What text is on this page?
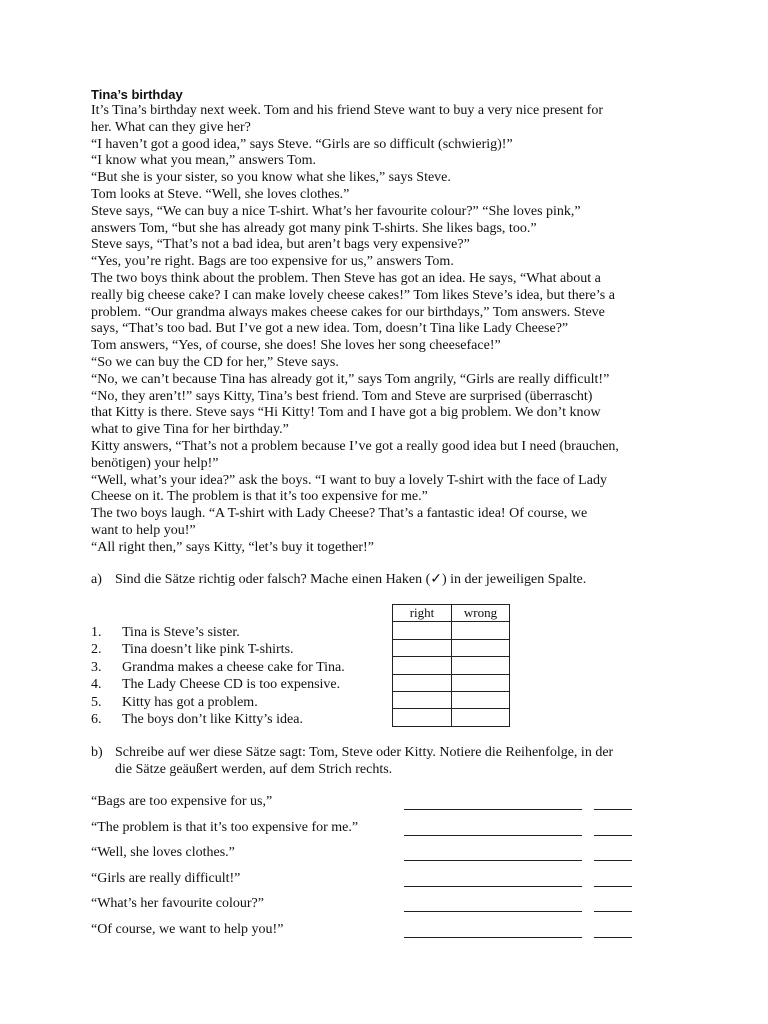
Tina’s birthday

It’s Tina’s birthday next week. Tom and his friend Steve want to buy a very nice present for

her. What can they give her?

“I haven’t got a good idea,” says Steve. “Girls are so difficult (schwierig)!”

“I know what you mean,” answers Tom.

“But she is your sister, so you know what she likes,” says Steve.

Tom looks at Steve. “Well, she loves clothes.”

Steve says, “We can buy a nice T-shirt. What’s her favourite colour?” “She loves pink,”

answers Tom, “but she has already got many pink T-shirts. She likes bags, too.”

Steve says, “That’s not a bad idea, but aren’t bags very expensive?”

“Yes, you’re right. Bags are too expensive for us,” answers Tom.

The two boys think about the problem. Then Steve has got an idea. He says, “What about a

really big cheese cake? I can make lovely cheese cakes!” Tom likes Steve’s idea, but there’s a

problem. “Our grandma always makes cheese cakes for our birthdays,” Tom answers. Steve

says, “That’s too bad. But I’ve got a new idea. Tom, doesn’t Tina like Lady Cheese?”

Tom answers, “Yes, of course, she does! She loves her song cheeseface!”

“So we can buy the CD for her,” Steve says.

“No, we can’t because Tina has already got it,” says Tom angrily, “Girls are really difficult!”

“No, they aren’t!” says Kitty, Tina’s best friend. Tom and Steve are surprised (überrascht)

that Kitty is there. Steve says “Hi Kitty! Tom and I have got a big problem. We don’t know

what to give Tina for her birthday.”

Kitty answers, “That’s not a problem because I’ve got a really good idea but I need (brauchen,

benötigen) your help!”

“Well, what’s your idea?” ask the boys. “I want to buy a lovely T-shirt with the face of Lady

Cheese on it. The problem is that it’s too expensive for me.”

The two boys laugh. “A T-shirt with Lady Cheese? That’s a fantastic idea! Of course, we

want to help you!”

“All right then,” says Kitty, “let’s buy it together!”

a) Sind die Sätze richtig oder falsch? Mache einen Haken (✓) in der jeweiligen Spalte.

1. Tina is Steve’s sister.
2. Tina doesn’t like pink T-shirts.
3. Grandma makes a cheese cake for Tina.
4. The Lady Cheese CD is too expensive.
5. Kitty has got a problem.
6. The boys don’t like Kitty’s idea.
right	wrong

b) Schreibe auf wer diese Sätze sagt: Tom, Steve oder Kitty. Notiere die Reihenfolge, in der
die Sätze geäußert werden, auf dem Strich rechts.
“Bags are too expensive for us,”
“The problem is that it’s too expensive for me.”
“Well, she loves clothes.”
“Girls are really difficult!”
“What’s her favourite colour?”
“Of course, we want to help you!”
